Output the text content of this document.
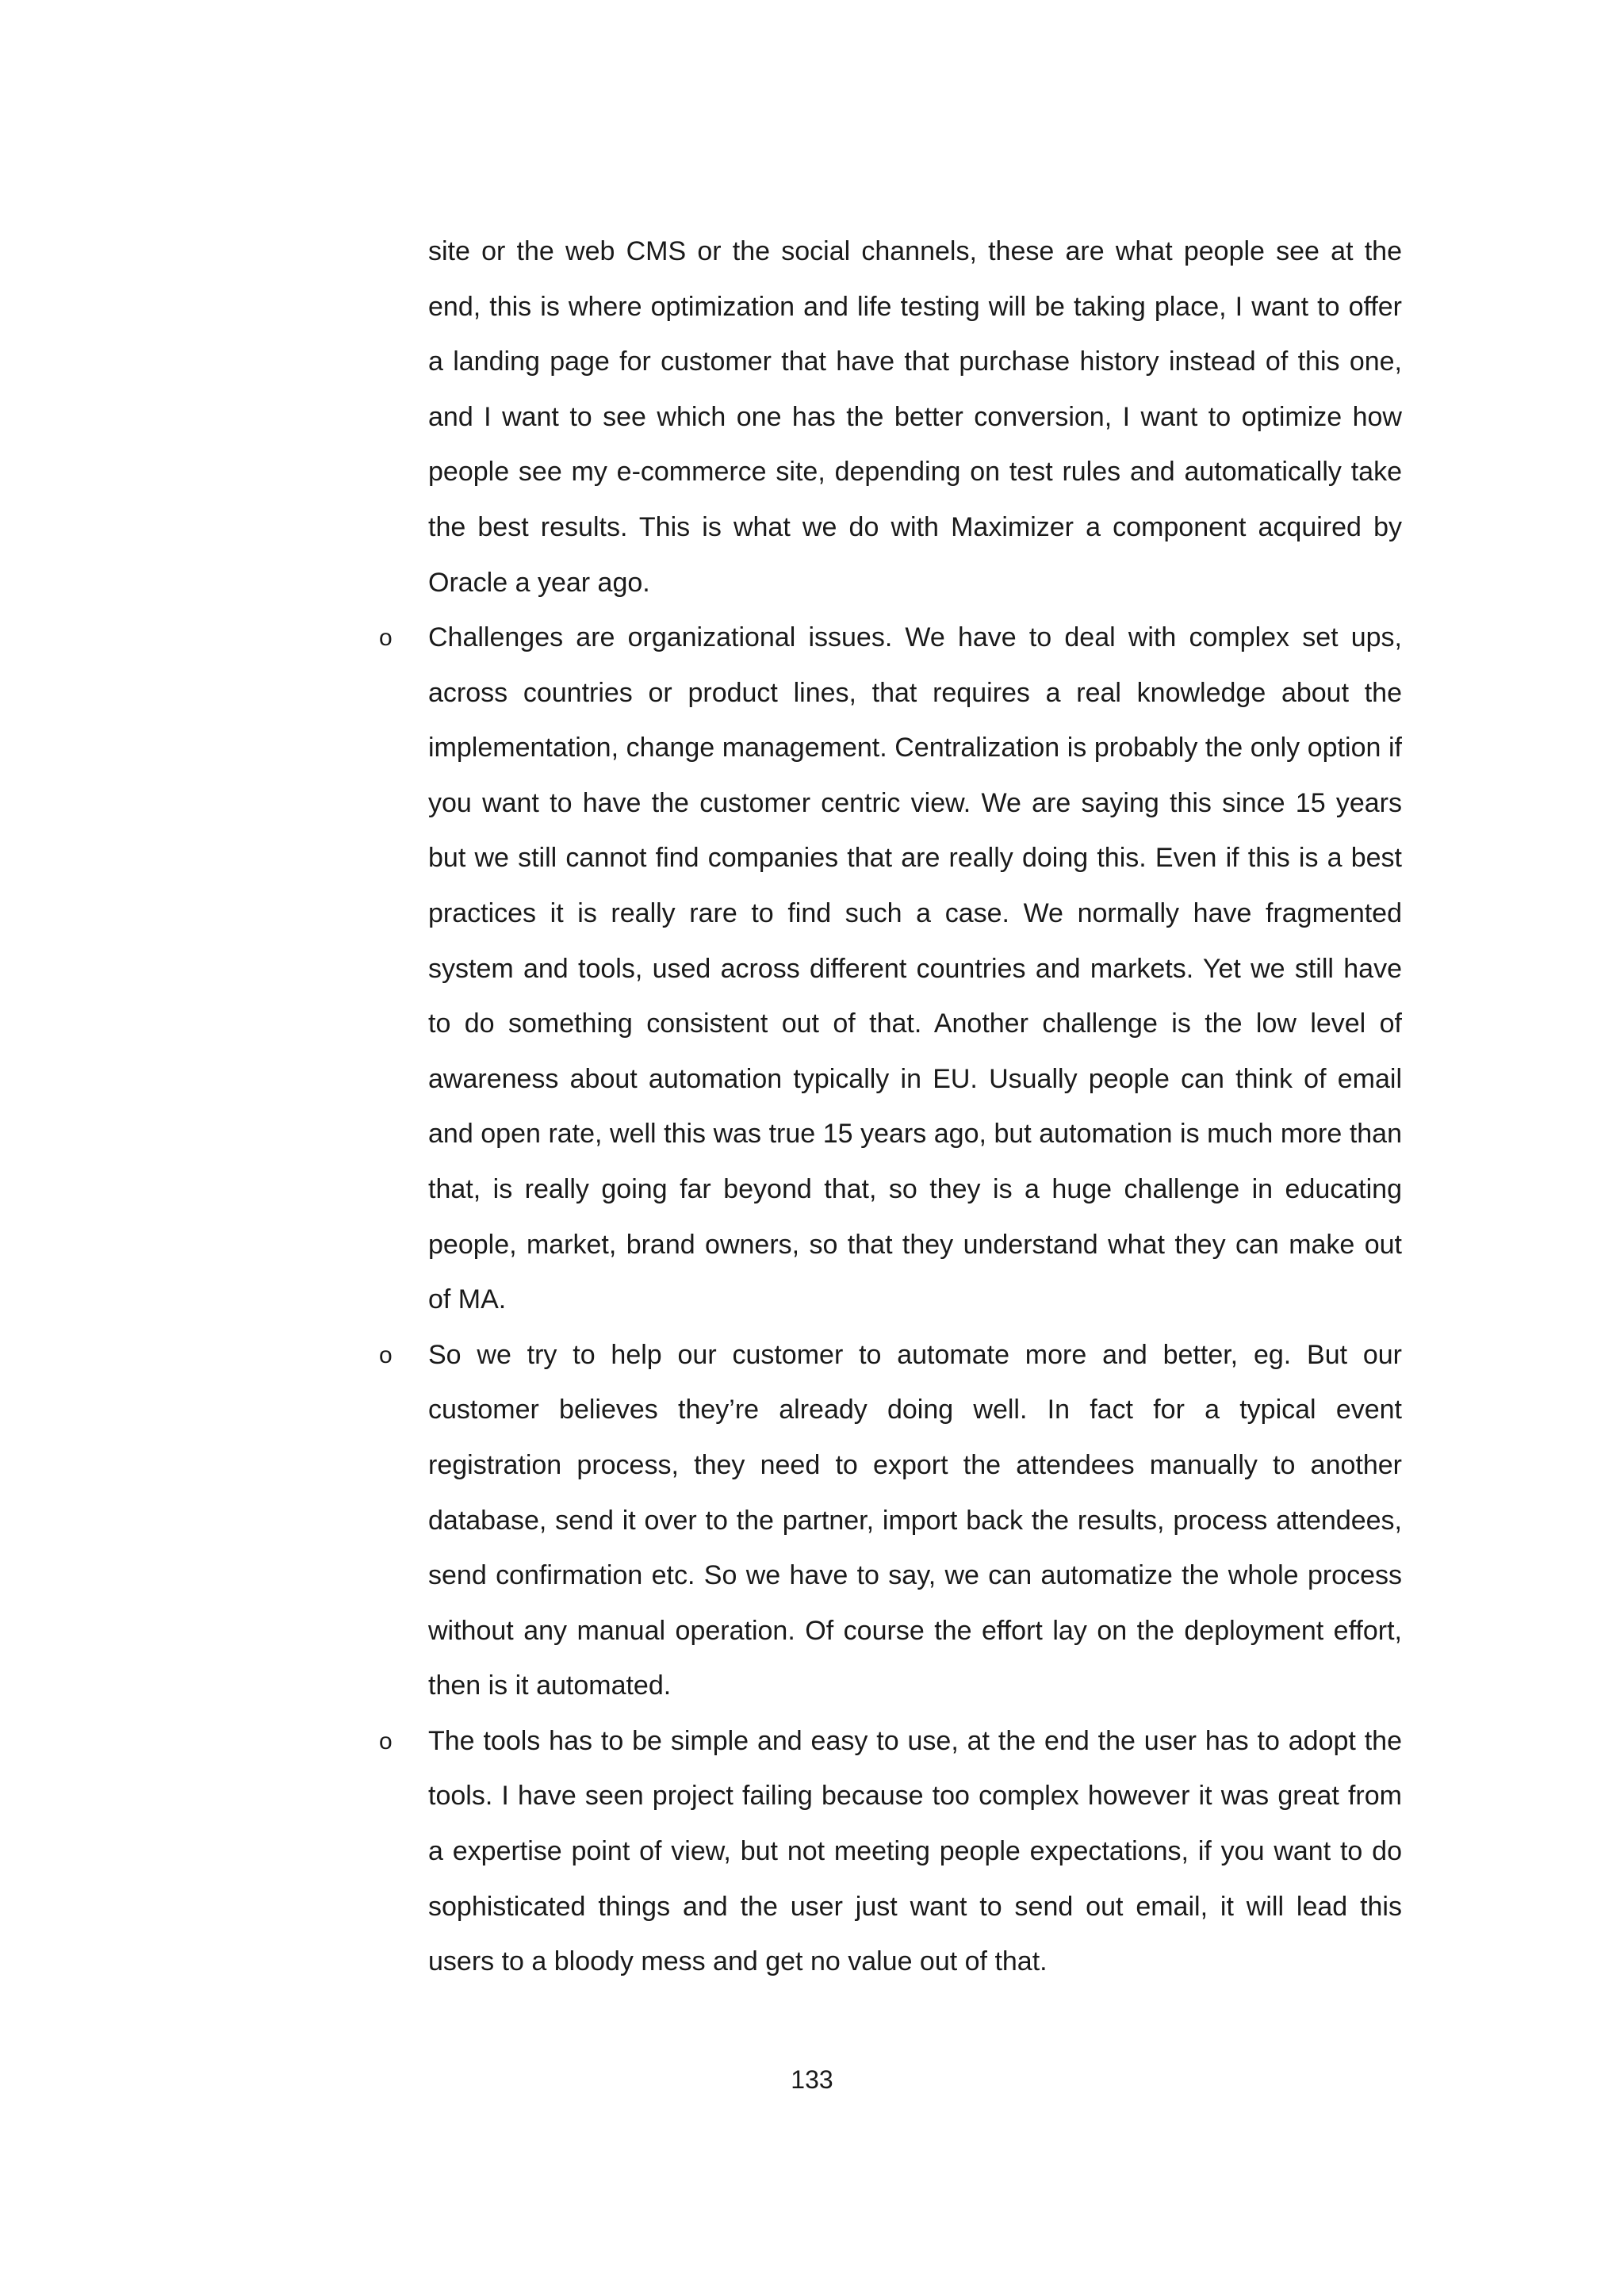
site or the web CMS or the social channels, these are what people see at the end, this is where optimization and life testing will be taking place, I want to offer a landing page for customer that have that purchase history instead of this one, and I want to see which one has the better conversion, I want to optimize how people see my e-commerce site, depending on test rules and automatically take the best results. This is what we do with Maximizer a component acquired by Oracle a year ago.

o Challenges are organizational issues. We have to deal with complex set ups, across countries or product lines, that requires a real knowledge about the implementation, change management. Centralization is probably the only option if you want to have the customer centric view. We are saying this since 15 years but we still cannot find companies that are really doing this. Even if this is a best practices it is really rare to find such a case. We normally have fragmented system and tools, used across different countries and markets. Yet we still have to do something consistent out of that. Another challenge is the low level of awareness about automation typically in EU. Usually people can think of email and open rate, well this was true 15 years ago, but automation is much more than that, is really going far beyond that, so they is a huge challenge in educating people, market, brand owners, so that they understand what they can make out of MA.

o So we try to help our customer to automate more and better, eg. But our customer believes they’re already doing well. In fact for a typical event registration process, they need to export the attendees manually to another database, send it over to the partner, import back the results, process attendees, send confirmation etc. So we have to say, we can automatize the whole process without any manual operation. Of course the effort lay on the deployment effort, then is it automated.

o The tools has to be simple and easy to use, at the end the user has to adopt the tools. I have seen project failing because too complex however it was great from a expertise point of view, but not meeting people expectations, if you want to do sophisticated things and the user just want to send out email, it will lead this users to a bloody mess and get no value out of that.

133
